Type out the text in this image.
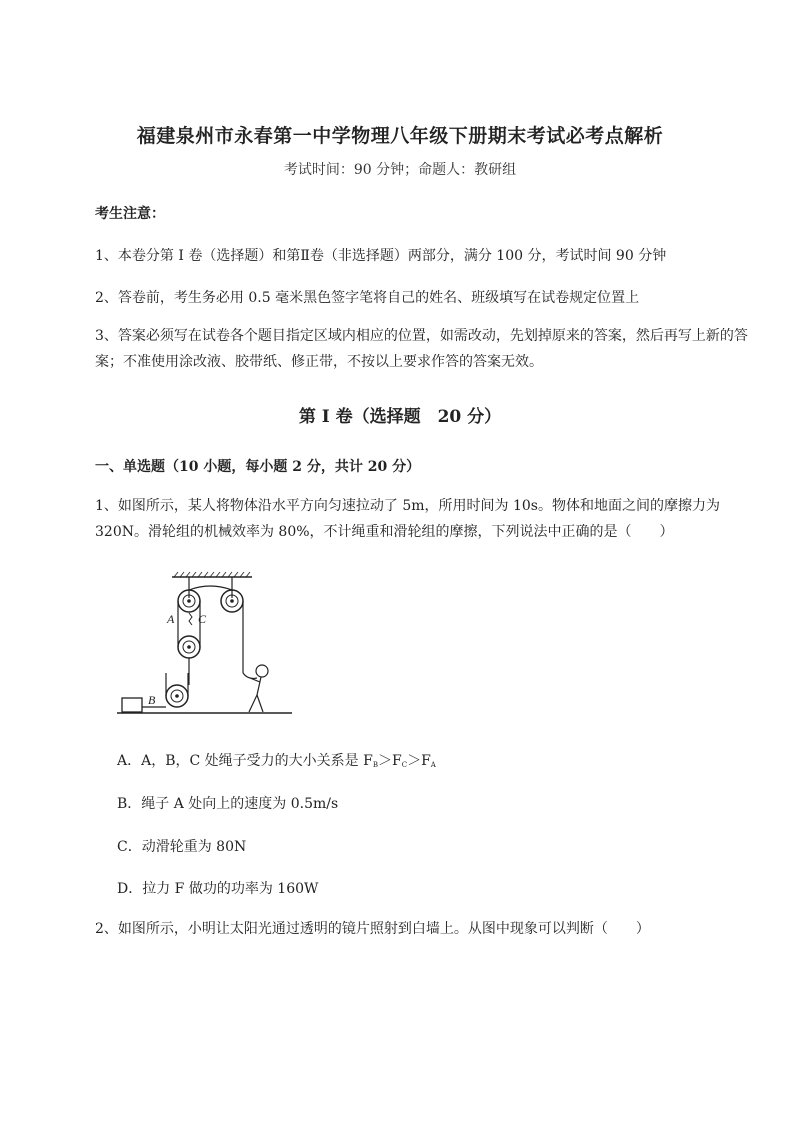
福建泉州市永春第一中学物理八年级下册期末考试必考点解析
考试时间：90 分钟；命题人：教研组
考生注意：
1、本卷分第 I 卷（选择题）和第Ⅱ卷（非选择题）两部分，满分 100 分，考试时间 90 分钟
2、答卷前，考生务必用 0.5 毫米黑色签字笔将自己的姓名、班级填写在试卷规定位置上
3、答案必须写在试卷各个题目指定区域内相应的位置，如需改动，先划掉原来的答案，然后再写上新的答案；不准使用涂改液、胶带纸、修正带，不按以上要求作答的答案无效。
第 I 卷（选择题　20 分）
一、单选题（10 小题，每小题 2 分，共计 20 分）
1、如图所示，某人将物体沿水平方向匀速拉动了 5m，所用时间为 10s。物体和地面之间的摩擦力为 320N。滑轮组的机械效率为 80%，不计绳重和滑轮组的摩擦，下列说法中正确的是（　　）
A C
B
A．A，B，C 处绳子受力的大小关系是 $F_B>F_C>F_A$
B．绳子 A 处向上的速度为 0.5m/s
C．动滑轮重为 80N
D．拉力 F 做功的功率为 160W
2、如图所示，小明让太阳光通过透明的镜片照射到白墙上。从图中现象可以判断（　　）
